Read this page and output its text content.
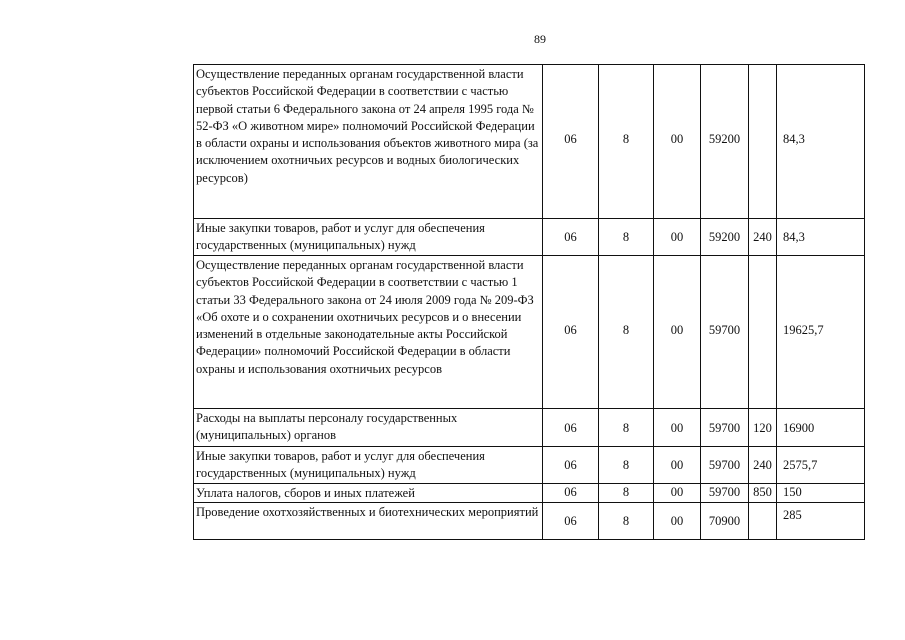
89
Осуществление переданных органам государственной власти субъектов Российской Федерации в соответствии с частью первой статьи 6 Федерального закона от 24 апреля 1995 года № 52-ФЗ «О животном мире» полномочий Российской Федерации в области охраны и использования объектов животного мира (за исключением охотничьих ресурсов и водных биологических ресурсов)	06	8	00	59200		84,3
Иные закупки товаров, работ и услуг для обеспечения государственных (муниципальных) нужд	06	8	00	59200	240	84,3
Осуществление переданных органам государственной власти субъектов Российской Федерации в соответствии с частью 1 статьи 33 Федерального закона от 24 июля 2009 года № 209-ФЗ «Об охоте и о сохранении охотничьих ресурсов и о внесении изменений в отдельные законодательные акты Российской Федерации» полномочий Российской Федерации в области охраны и использования охотничьих ресурсов	06	8	00	59700		19625,7
Расходы на выплаты персоналу государственных (муниципальных) органов	06	8	00	59700	120	16900
Иные закупки товаров, работ и услуг для обеспечения государственных (муниципальных) нужд	06	8	00	59700	240	2575,7
Уплата налогов, сборов и иных платежей	06	8	00	59700	850	150
Проведение охотхозяйственных и биотехнических мероприятий	06	8	00	70900		285
